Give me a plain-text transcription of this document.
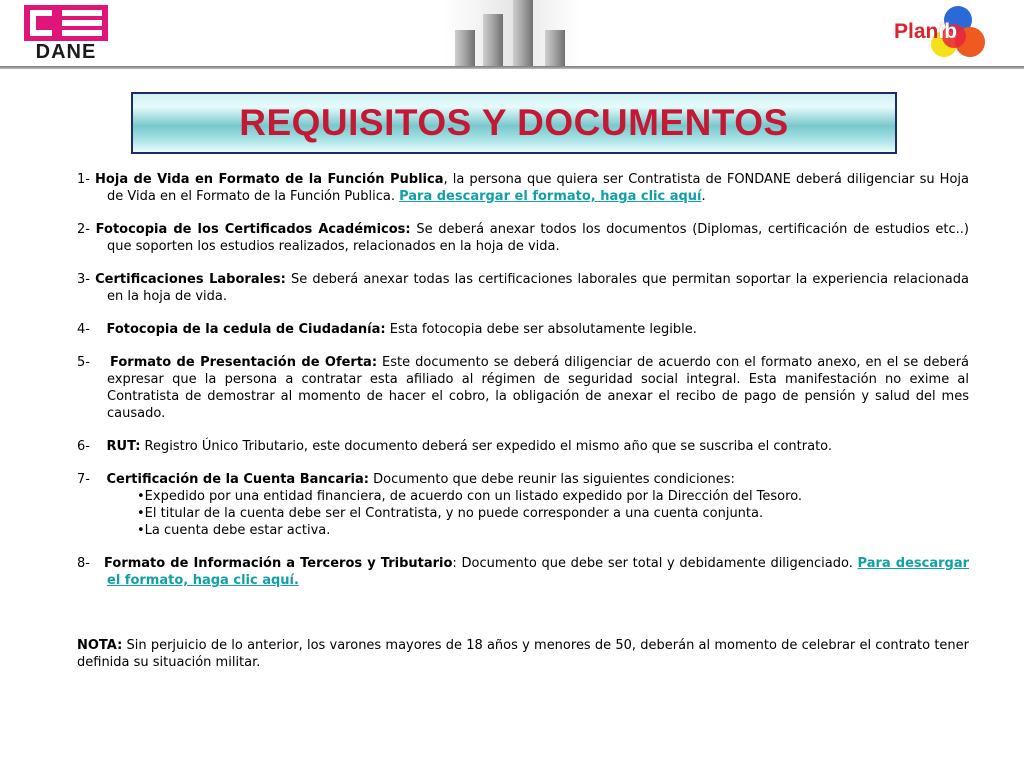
DANE
Planib
REQUISITOS Y DOCUMENTOS

1- Hoja de Vida en Formato de la Función Publica, la persona que quiera ser Contratista de FONDANE deberá diligenciar su Hoja de Vida en el Formato de la Función Publica. Para descargar el formato, haga clic aquí.

2- Fotocopia de los Certificados Académicos: Se deberá anexar todos los documentos (Diplomas, certificación de estudios etc..) que soporten los estudios realizados, relacionados en la hoja de vida.

3- Certificaciones Laborales: Se deberá anexar todas las certificaciones laborales que permitan soportar la experiencia relacionada en la hoja de vida.

4-    Fotocopia de la cedula de Ciudadanía: Esta fotocopia debe ser absolutamente legible.

5-    Formato de Presentación de Oferta: Este documento se deberá diligenciar de acuerdo con el formato anexo, en el se deberá expresar que la persona a contratar esta afiliado al régimen de seguridad social integral. Esta manifestación no exime al Contratista de demostrar al momento de hacer el cobro, la obligación de anexar el recibo de pago de pensión y salud del mes causado.

6-    RUT: Registro Único Tributario, este documento deberá ser expedido el mismo año que se suscriba el contrato.

7-    Certificación de la Cuenta Bancaria: Documento que debe reunir las siguientes condiciones:
•Expedido por una entidad financiera, de acuerdo con un listado expedido por la Dirección del Tesoro.
•El titular de la cuenta debe ser el Contratista, y no puede corresponder a una cuenta conjunta.
•La cuenta debe estar activa.

8-   Formato de Información a Terceros y Tributario: Documento que debe ser total y debidamente diligenciado. Para descargar el formato, haga clic aquí.

NOTA: Sin perjuicio de lo anterior, los varones mayores de 18 años y menores de 50, deberán al momento de celebrar el contrato tener definida su situación militar.
